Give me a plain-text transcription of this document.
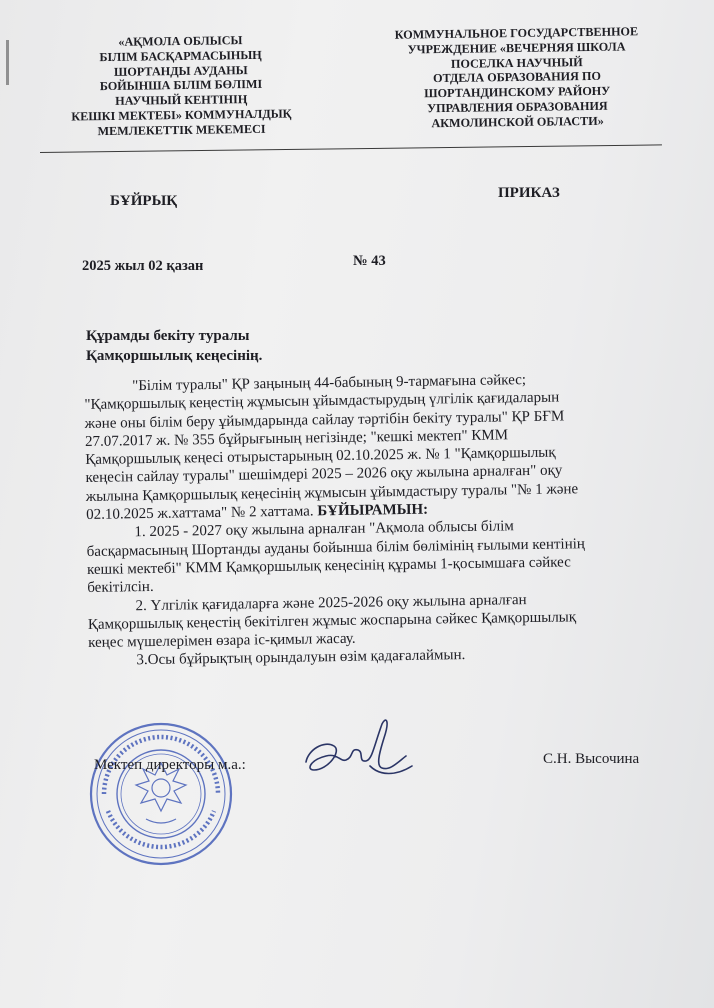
«АҚМОЛА ОБЛЫСЫ
БІЛІМ БАСҚАРМАСЫНЫҢ
ШОРТАНДЫ АУДАНЫ
БОЙЫНША БІЛІМ БӨЛІМІ
НАУЧНЫЙ КЕНТІНІҢ
КЕШКІ МЕКТЕБІ» КОММУНАЛДЫҚ
МЕМЛЕКЕТТІК МЕКЕМЕСІ
КОММУНАЛЬНОЕ ГОСУДАРСТВЕННОЕ
УЧРЕЖДЕНИЕ «ВЕЧЕРНЯЯ ШКОЛА
ПОСЕЛКА НАУЧНЫЙ
ОТДЕЛА ОБРАЗОВАНИЯ ПО
ШОРТАНДИНСКОМУ РАЙОНУ
УПРАВЛЕНИЯ ОБРАЗОВАНИЯ
АКМОЛИНСКОЙ ОБЛАСТИ»
БҰЙРЫҚ	ПРИКАЗ
2025 жыл 02 қазан	№ 43
Құрамды бекіту туралы
Қамқоршылық кеңесінің.

"Білім туралы" ҚР заңының 44-бабының 9-тармағына сәйкес;

"Қамқоршылық кеңестің жұмысын ұйымдастырудың үлгілік қағидаларын
және оны білім беру ұйымдарында сайлау тәртібін бекіту туралы" ҚР БҒМ
27.07.2017 ж. № 355 бұйрығының негізінде; "кешкі мектеп" КММ
Қамқоршылық кеңесі отырыстарының 02.10.2025 ж. № 1 "Қамқоршылық
кеңесін сайлау туралы" шешімдері 2025 – 2026 оқу жылына арналған" оқу
жылына Қамқоршылық кеңесінің жұмысын ұйымдастыру туралы "№ 1 және
02.10.2025 ж.хаттама" № 2 хаттама. БҰЙЫРАМЫН:

1. 2025 - 2027 оқу жылына арналған "Ақмола облысы білім
басқармасының Шортанды ауданы бойынша білім бөлімінің ғылыми кентінің
кешкі мектебі" КММ Қамқоршылық кеңесінің құрамы 1-қосымшаға сәйкес
бекітілсін.

2. Үлгілік қағидаларға және 2025-2026 оқу жылына арналған
Қамқоршылық кеңестің бекітілген жұмыс жоспарына сәйкес Қамқоршылық
кеңес мүшелерімен өзара іс-қимыл жасау.

3.Осы бұйрықтың орындалуын өзім қадағалаймын.

Мектеп директоры м.а.:	С.Н. Высочина
